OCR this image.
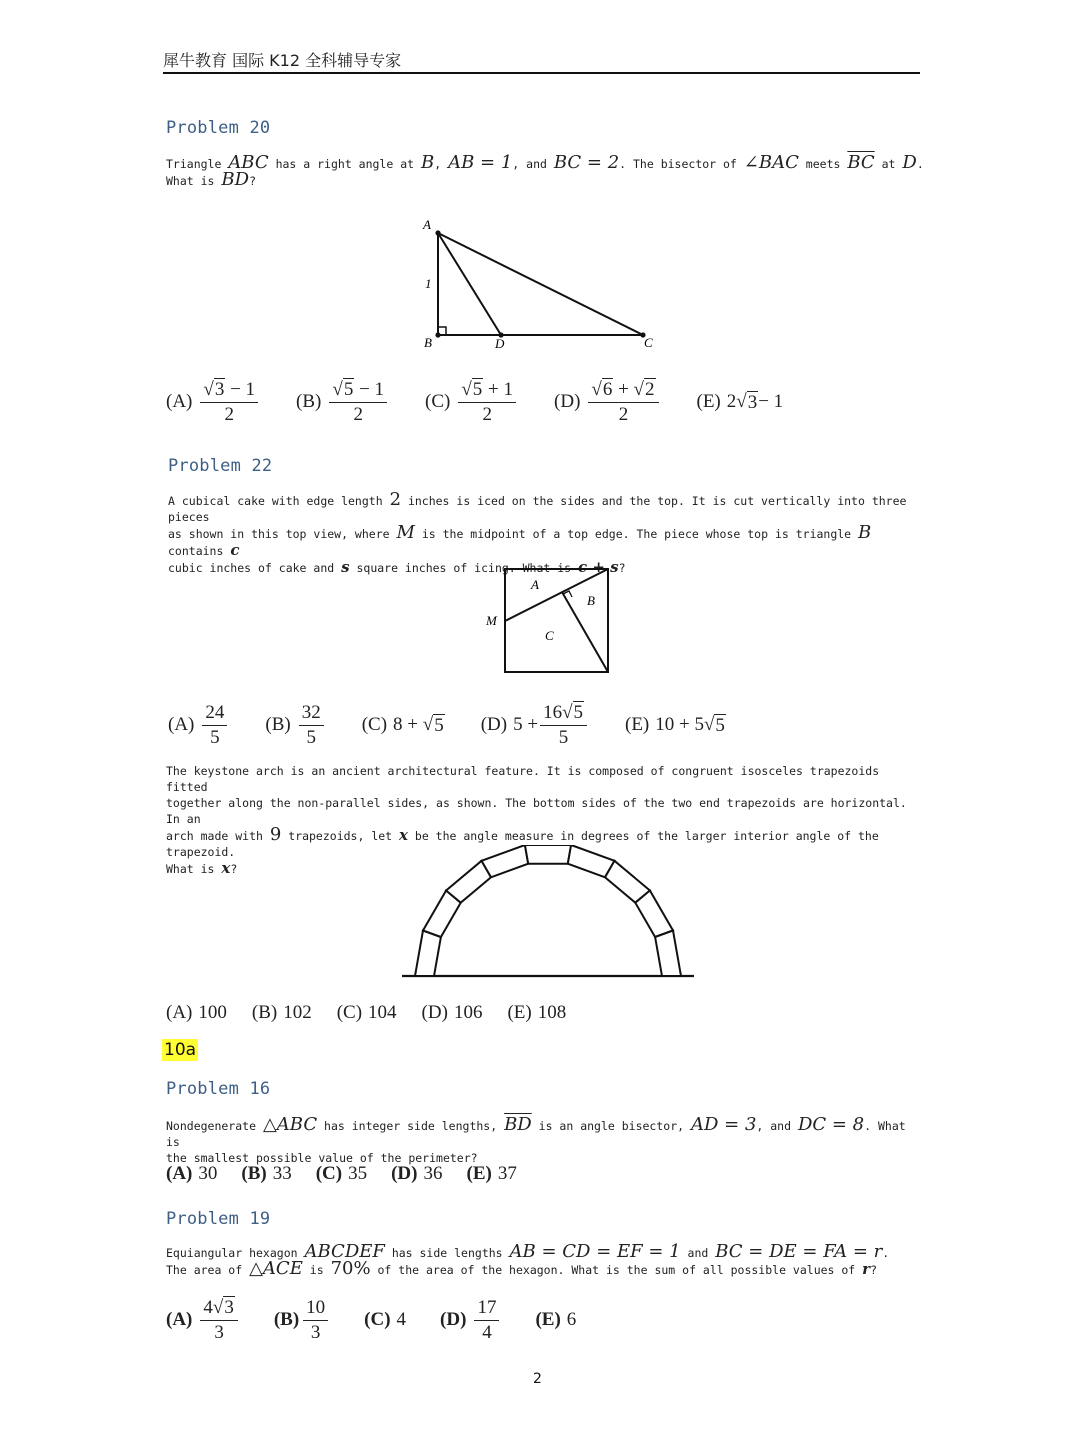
犀牛教育 国际 K12 全科辅导专家
Problem 20
Triangle ABC has a right angle at B, AB = 1, and BC = 2. The bisector of ∠BAC meets $\overline{BC}$ at D.
What is BD?
A
B	D	C
1
$(A) \frac{√3 - 1}{2} (B) \frac{√5 - 1}{2} (C) \frac{√5 + 1}{2} (D) \frac{√6 + √2}{2} (E)$ 2√ 3 − 1
Problem 22
A cubical cake with edge length 2 inches is iced on the sides and the top. It is cut vertically into three pieces
as shown in this top view, where M is the midpoint of a top edge. The piece whose top is triangle B contains c
cubic inches of cake and s square inches of icing. What is c + s?
A
B
C
M
$(A) \frac{24}{5} (B) \frac{32}{5} (C) 8$ + √ 5 (D) $5 + \frac{16√5}{5} (E) 10 + 5√$ 5
The keystone arch is an ancient architectural feature. It is composed of congruent isosceles trapezoids fitted
together along the non-parallel sides, as shown. The bottom sides of the two end trapezoids are horizontal. In an
arch made with 9 trapezoids, let x be the angle measure in degrees of the larger interior angle of the trapezoid.
What is x?
(A) 100 (B) 102 (C) 104 (D) 106 (E) 108
10a
Problem 16
Nondegenerate △ABC has integer side lengths, $\overline{BD}$ is an angle bisector, AD = 3, and DC = 8. What is
the smallest possible value of the perimeter?
(A) 30 (B) 33 (C) 35 (D) 36 (E) 37
Problem 19
Equiangular hexagon ABCDEF has side lengths AB = CD = EF = 1 and BC = DE = FA = r.
The area of △ACE is 70% of the area of the hexagon. What is the sum of all possible values of r?
$(A) \frac{4√3}{3} (B) \frac{10}{3} (C)$ 4 $(D) \frac{17}{4} (E)$ 6
2
